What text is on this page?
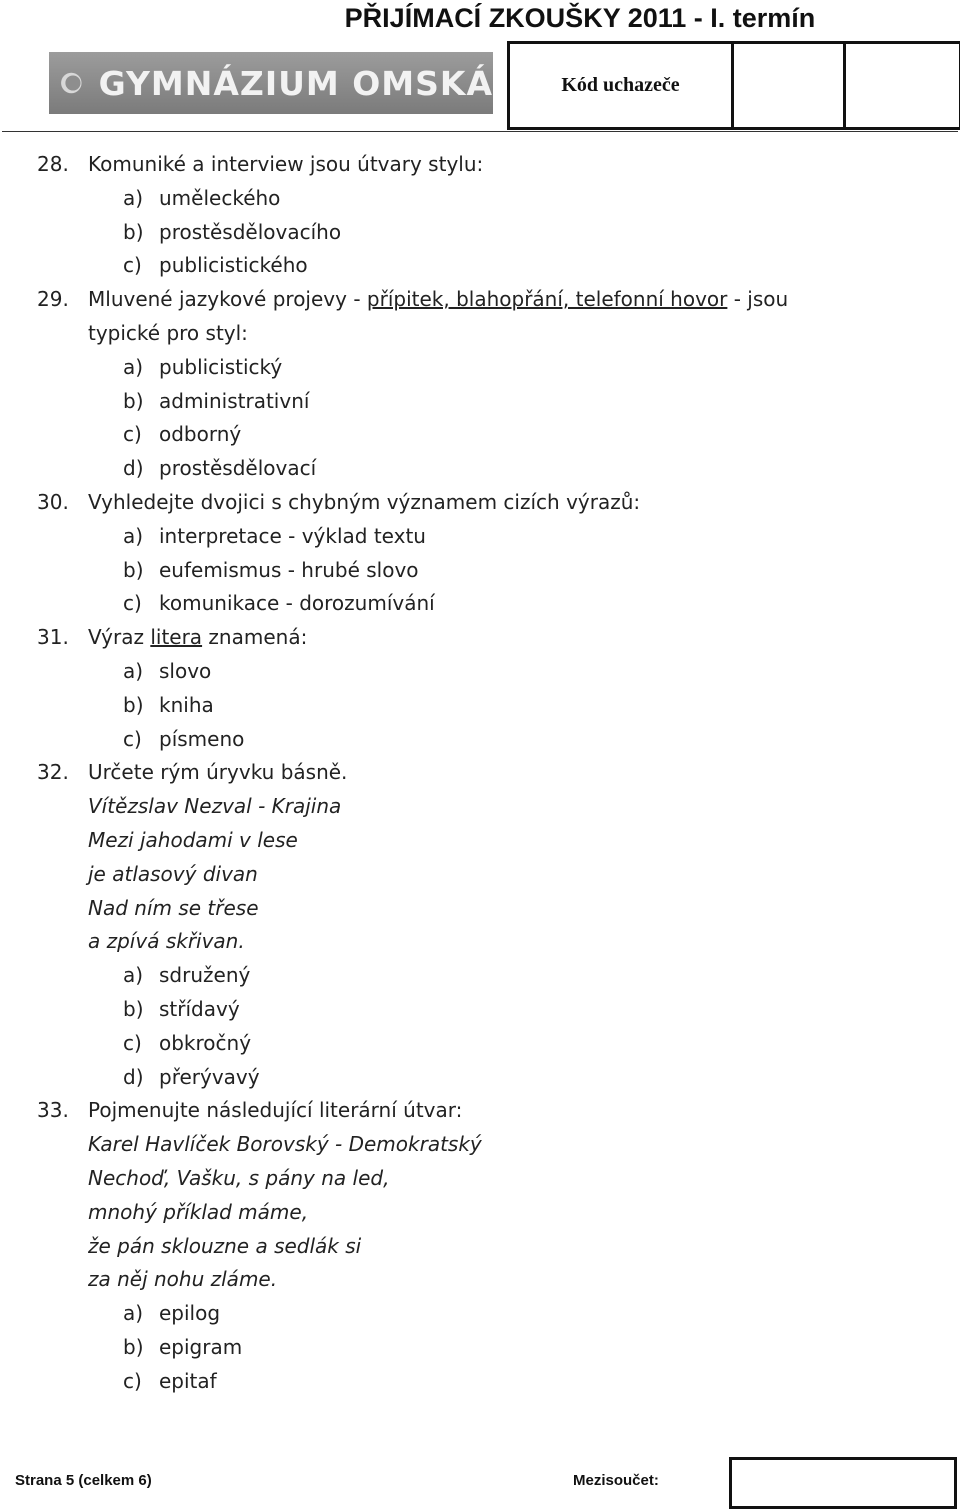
PŘIJÍMACÍ ZKOUŠKY 2011 - I. termín
GYMNÁZIUM OMSKÁ	Kód uchazeče
28. Komuniké a interview jsou útvary stylu:
a) uměleckého
b) prostěsdělovacího
c) publicistického
29. Mluvené jazykové projevy - přípitek, blahopřání, telefonní hovor - jsou
typické pro styl:
a) publicistický
b) administrativní
c) odborný
d) prostěsdělovací
30. Vyhledejte dvojici s chybným významem cizích výrazů:
a) interpretace - výklad textu
b) eufemismus - hrubé slovo
c) komunikace - dorozumívání
31. Výraz litera znamená:
a) slovo
b) kniha
c) písmeno
32. Určete rým úryvku básně.
Vítězslav Nezval - Krajina
Mezi jahodami v lese
je atlasový divan
Nad ním se třese
a zpívá skřivan.
a) sdružený
b) střídavý
c) obkročný
d) přerývavý
33. Pojmenujte následující literární útvar:
Karel Havlíček Borovský - Demokratský
Nechoď, Vašku, s pány na led,
mnohý příklad máme,
že pán sklouzne a sedlák si
za něj nohu zláme.
a) epilog
b) epigram
c) epitaf
Strana 5 (celkem 6)	Mezisoučet:
